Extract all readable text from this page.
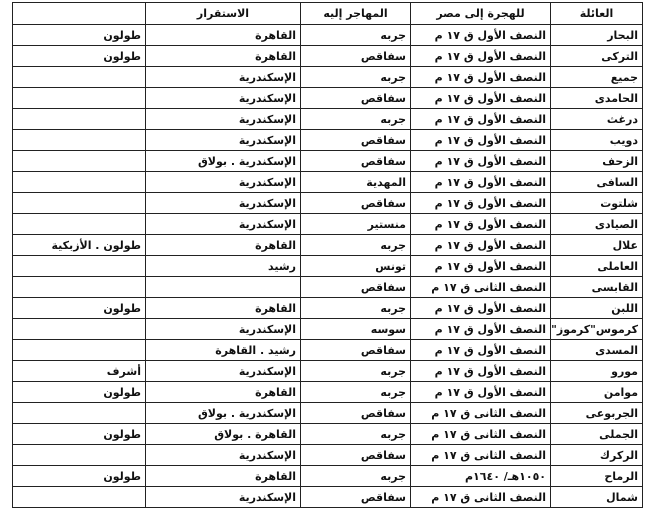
العائلة	للهجرة إلى مصر	المهاجر إليه	الاستقرار	
البحار	النصف الأول ق ١٧ م	جربه	القاهرة	طولون
التركى	النصف الأول ق ١٧ م	سفاقص	القاهرة	طولون
جميع	النصف الأول ق ١٧ م	جربه	الإسكندرية	
الحامدى	النصف الأول ق ١٧ م	سفاقص	الإسكندرية	
درغث	النصف الأول ق ١٧ م	جربه	الإسكندرية	
دويب	النصف الأول ق ١٧ م	سفاقص	الإسكندرية	
الزحف	النصف الأول ق ١٧ م	سفاقص	الإسكندرية . بولاق	
السافى	النصف الأول ق ١٧ م	المهدية	الإسكندرية	
شلتوت	النصف الأول ق ١٧ م	سفاقص	الإسكندرية	
الصيادى	النصف الأول ق ١٧ م	منستير	الإسكندرية	
علال	النصف الأول ق ١٧ م	جربه	القاهرة	طولون . الأزبكية
العاملى	النصف الأول ق ١٧ م	تونس	رشيد	
القابسى	النصف الثانى ق ١٧ م	سفاقص		
اللبن	النصف الأول ق ١٧ م	جربه	القاهرة	طولون
كرموس"كرموز"	النصف الأول ق ١٧ م	سوسه	الإسكندرية	
المسدى	النصف الأول ق ١٧ م	سفاقص	رشيد . القاهرة	
مورو	النصف الأول ق ١٧ م	جربه	الإسكندرية	أشرف
موامن	النصف الأول ق ١٧ م	جربه	القاهرة	طولون
الجربوعى	النصف الثانى ق ١٧ م	سفاقص	الإسكندرية . بولاق	
الجملى	النصف الثانى ق ١٧ م	جربه	القاهرة . بولاق	طولون
الركرك	النصف الثانى ق ١٧ م	سفاقص	الإسكندرية	
الرماح	١٠٥٠هـ/ ١٦٤٠م	جربه	القاهرة	طولون
شمال	النصف الثانى ق ١٧ م	سفاقص	الإسكندرية	
